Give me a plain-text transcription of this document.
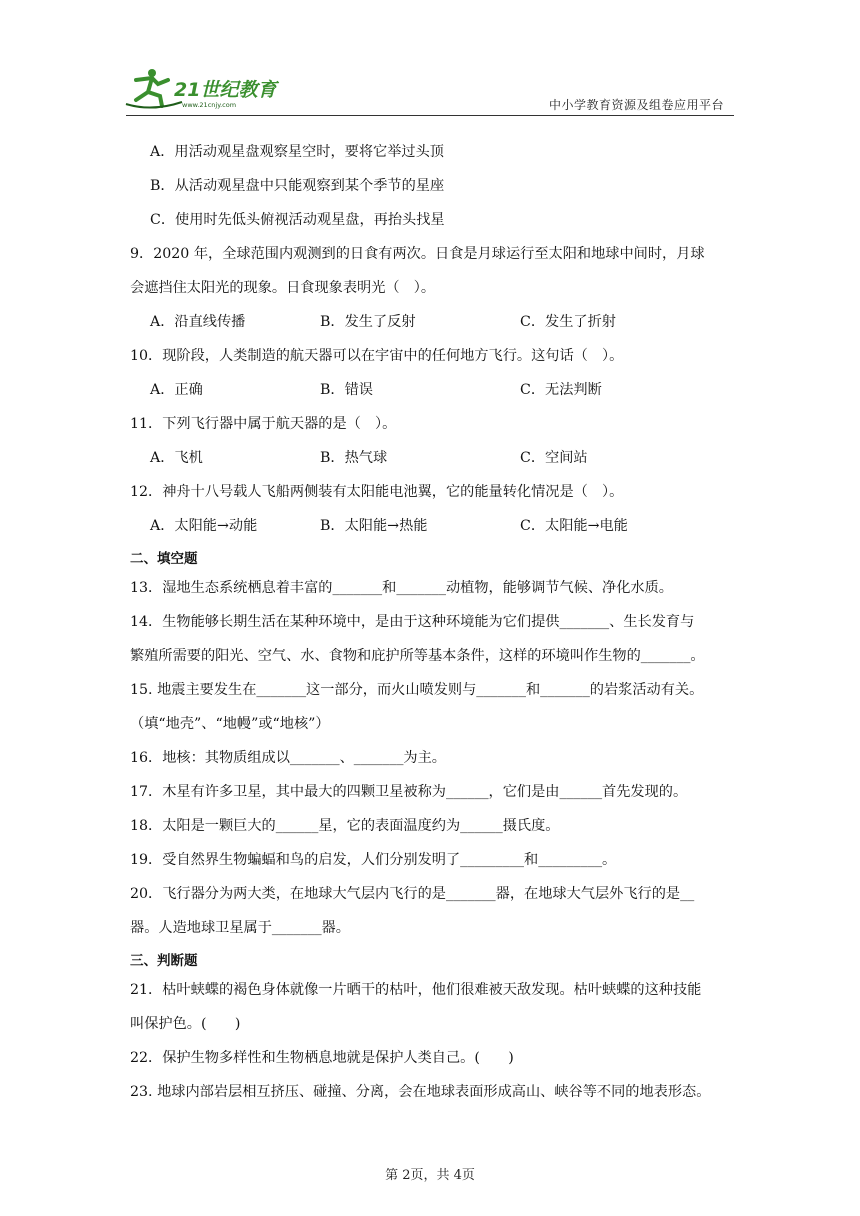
21世纪教育
www.21cnjy.com	中小学教育资源及组卷应用平台
A．用活动观星盘观察星空时，要将它举过头顶
B．从活动观星盘中只能观察到某个季节的星座
C．使用时先低头俯视活动观星盘，再抬头找星
9．2020 年，全球范围内观测到的日食有两次。日食是月球运行至太阳和地球中间时，月球
会遮挡住太阳光的现象。日食现象表明光（　）。
A．沿直线传播	B．发生了反射	C．发生了折射
10．现阶段，人类制造的航天器可以在宇宙中的任何地方飞行。这句话（　）。
A．正确	B．错误	C．无法判断
11．下列飞行器中属于航天器的是（　）。
A．飞机	B．热气球	C．空间站
12．神舟十八号载人飞船两侧装有太阳能电池翼，它的能量转化情况是（　）。
A．太阳能→动能	B．太阳能→热能	C．太阳能→电能
二、填空题
13．湿地生态系统栖息着丰富的_______和_______动植物，能够调节气候、净化水质。
14．生物能够长期生活在某种环境中，是由于这种环境能为它们提供_______、生长发育与
繁殖所需要的阳光、空气、水、食物和庇护所等基本条件，这样的环境叫作生物的_______。
15. 地震主要发生在_______这一部分，而火山喷发则与_______和_______的岩浆活动有关。
（填“地壳”、“地幔”或“地核”）
16．地核：其物质组成以_______、_______为主。
17．木星有许多卫星，其中最大的四颗卫星被称为______，它们是由______首先发现的。
18．太阳是一颗巨大的______星，它的表面温度约为______摄氏度。
19．受自然界生物蝙蝠和鸟的启发，人们分别发明了_________和_________。
20．飞行器分为两大类，在地球大气层内飞行的是_______器，在地球大气层外飞行的是__
器。人造地球卫星属于_______器。
三、判断题
21．枯叶蛱蝶的褐色身体就像一片晒干的枯叶，他们很难被天敌发现。枯叶蛱蝶的这种技能
叫保护色。(　　)
22．保护生物多样性和生物栖息地就是保护人类自己。(　　)
23. 地球内部岩层相互挤压、碰撞、分离，会在地球表面形成高山、峡谷等不同的地表形态。
第 2页，共 4页
